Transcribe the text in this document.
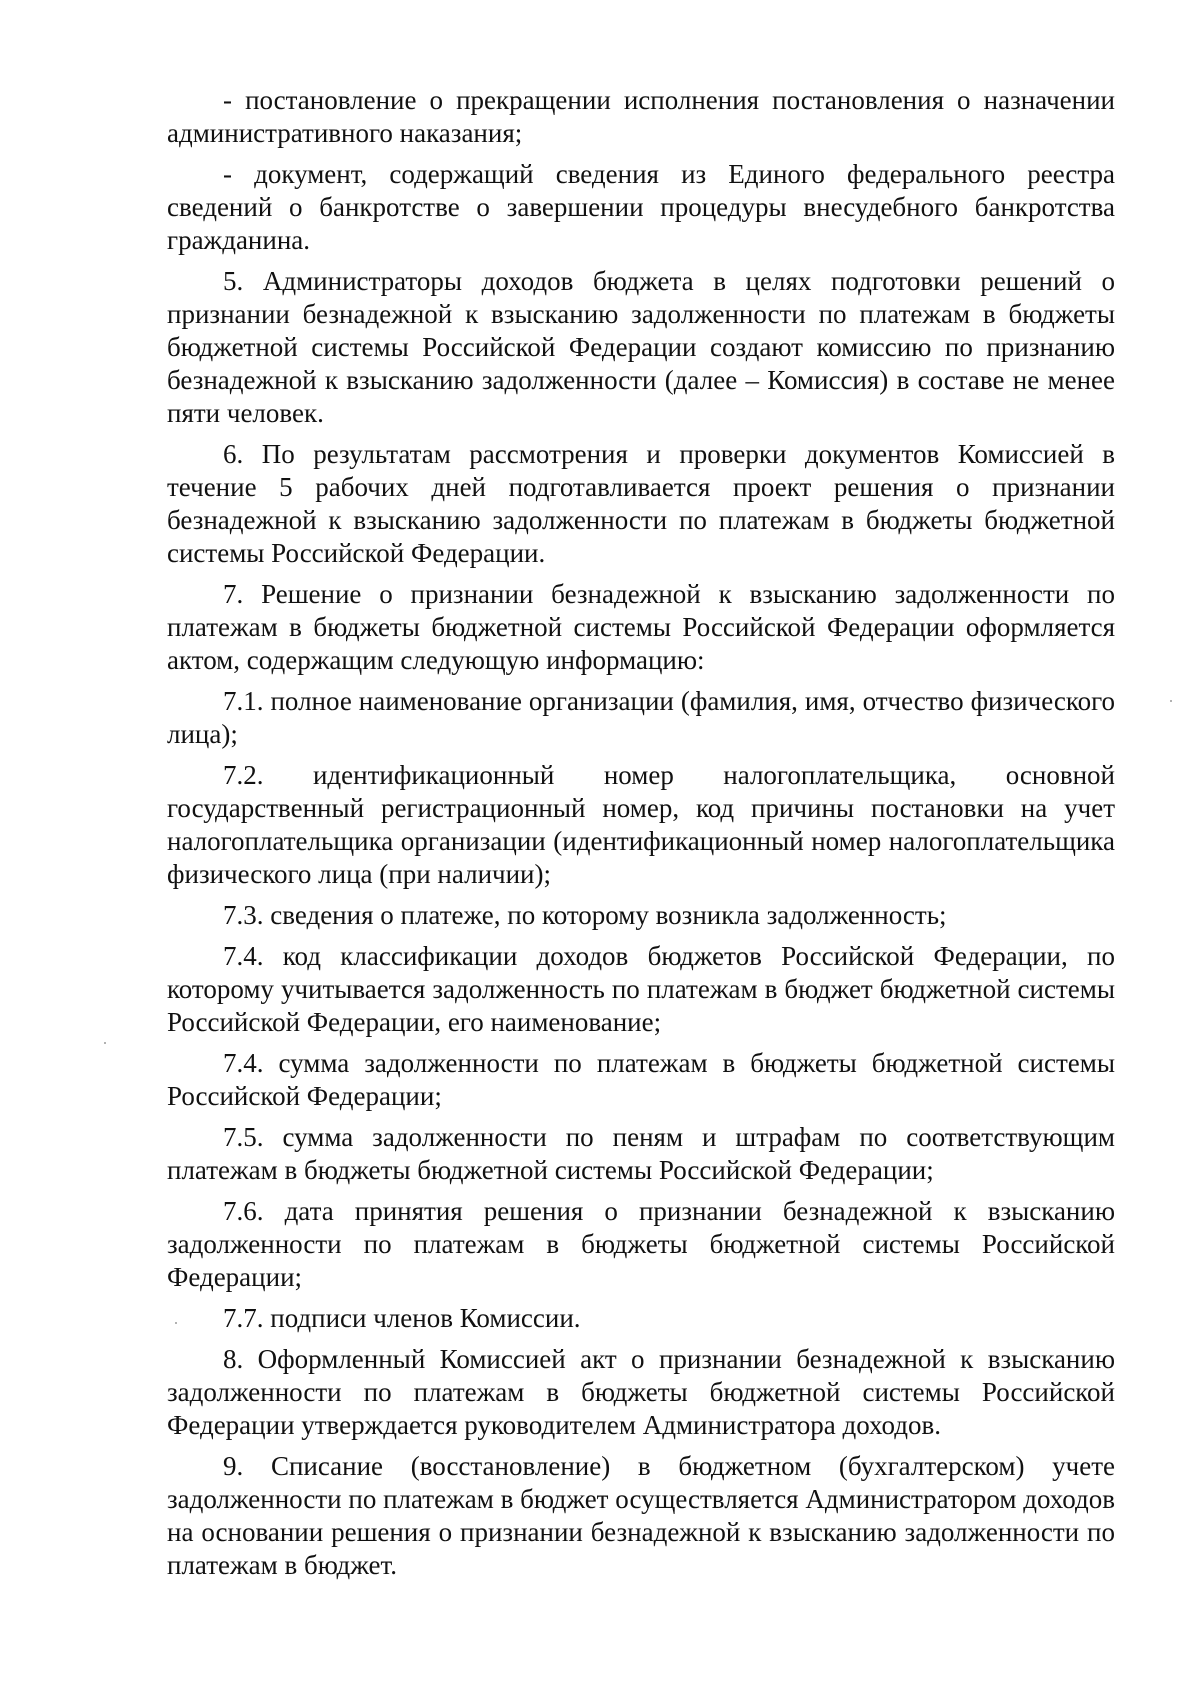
- постановление о прекращении исполнения постановления о назначении административного наказания;

- документ, содержащий сведения из Единого федерального реестра сведений о банкротстве о завершении процедуры внесудебного банкротства гражданина.

5. Администраторы доходов бюджета в целях подготовки решений о признании безнадежной к взысканию задолженности по платежам в бюджеты бюджетной системы Российской Федерации создают комиссию по признанию безнадежной к взысканию задолженности (далее – Комиссия) в составе не менее пяти человек.

6. По результатам рассмотрения и проверки документов Комиссией в течение 5 рабочих дней подготавливается проект решения о признании безнадежной к взысканию задолженности по платежам в бюджеты бюджетной системы Российской Федерации.

7. Решение о признании безнадежной к взысканию задолженности по платежам в бюджеты бюджетной системы Российской Федерации оформляется актом, содержащим следующую информацию:

7.1. полное наименование организации (фамилия, имя, отчество физического лица);

7.2. идентификационный номер налогоплательщика, основной государственный регистрационный номер, код причины постановки на учет налогоплательщика организации (идентификационный номер налогоплательщика физического лица (при наличии);

7.3. сведения о платеже, по которому возникла задолженность;

7.4. код классификации доходов бюджетов Российской Федерации, по которому учитывается задолженность по платежам в бюджет бюджетной системы Российской Федерации, его наименование;

7.4. сумма задолженности по платежам в бюджеты бюджетной системы Российской Федерации;

7.5. сумма задолженности по пеням и штрафам по соответствующим платежам в бюджеты бюджетной системы Российской Федерации;

7.6. дата принятия решения о признании безнадежной к взысканию задолженности по платежам в бюджеты бюджетной системы Российской Федерации;

7.7. подписи членов Комиссии.

8. Оформленный Комиссией акт о признании безнадежной к взысканию задолженности по платежам в бюджеты бюджетной системы Российской Федерации утверждается руководителем Администратора доходов.

9. Списание (восстановление) в бюджетном (бухгалтерском) учете задолженности по платежам в бюджет осуществляется Администратором доходов на основании решения о признании безнадежной к взысканию задолженности по платежам в бюджет.
